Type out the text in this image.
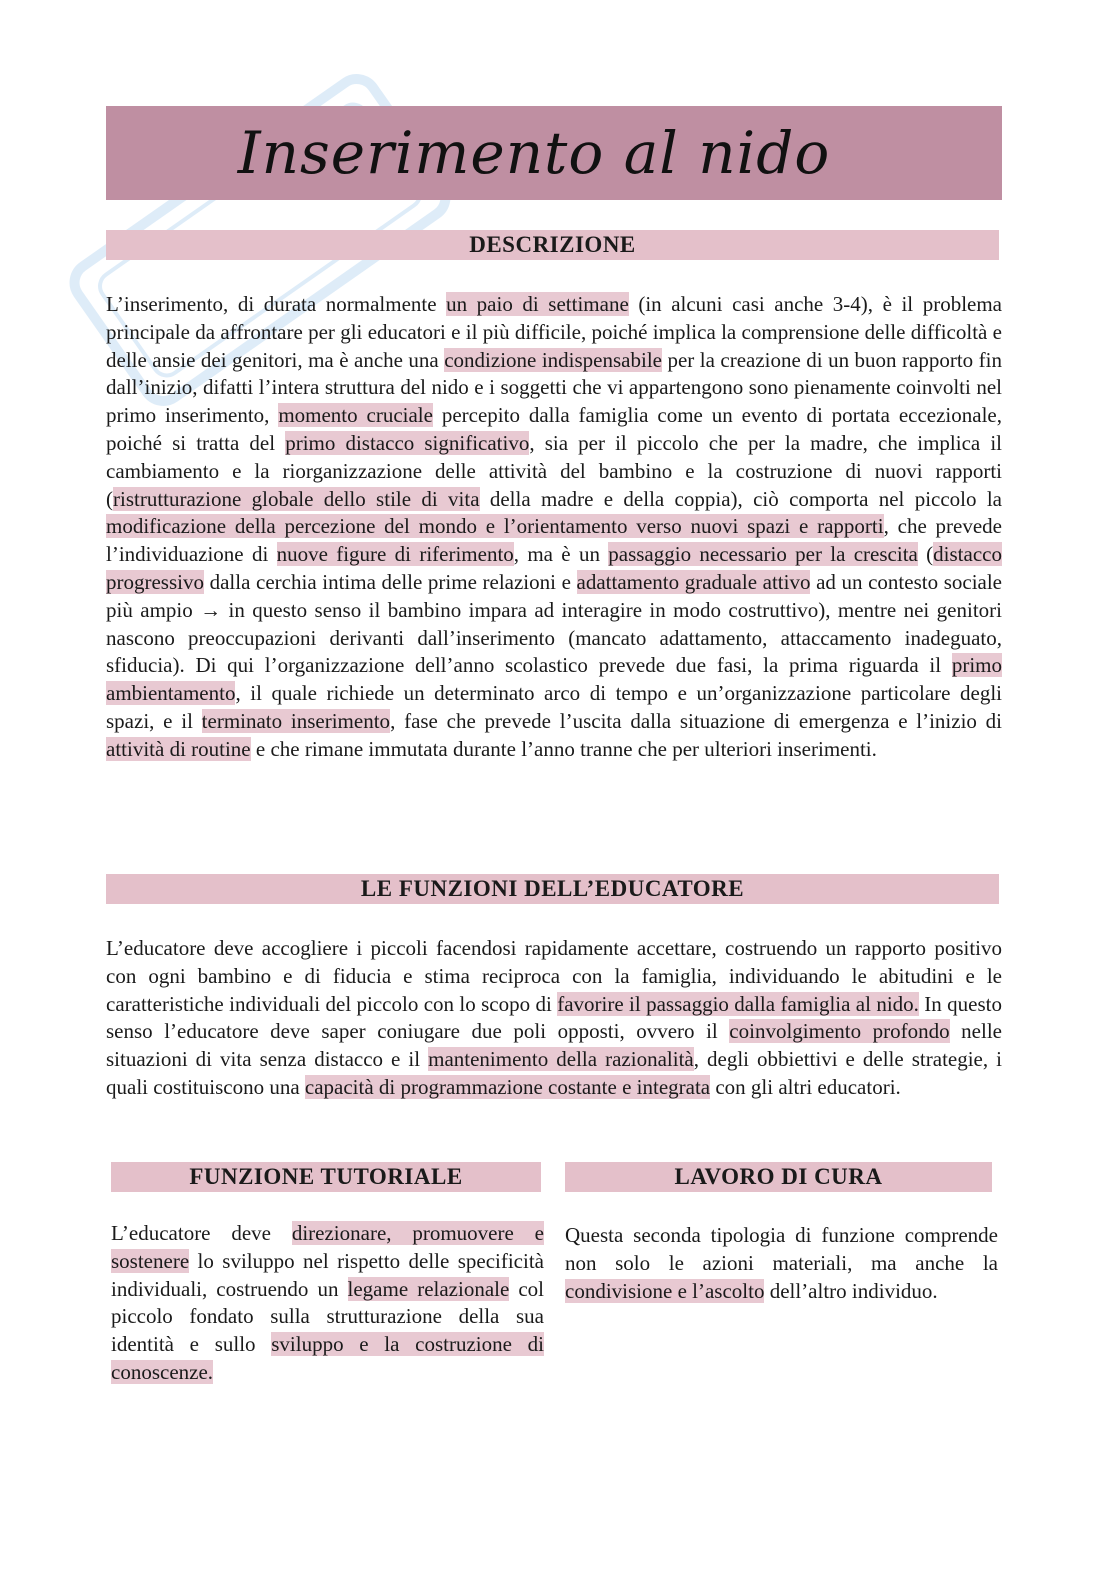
Inserimento al nido
DESCRIZIONE

L’inserimento, di durata normalmente un paio di settimane (in alcuni casi anche 3-4), è il problema principale da affrontare per gli educatori e il più difficile, poiché implica la comprensione delle difficoltà e delle ansie dei genitori, ma è anche una condizione indispensabile per la creazione di un buon rapporto fin dall’inizio, difatti l’intera struttura del nido e i soggetti che vi appartengono sono pienamente coinvolti nel primo inserimento, momento cruciale percepito dalla famiglia come un evento di portata eccezionale, poiché si tratta del primo distacco significativo, sia per il piccolo che per la madre, che implica il cambiamento e la riorganizzazione delle attività del bambino e la costruzione di nuovi rapporti (ristrutturazione globale dello stile di vita della madre e della coppia), ciò comporta nel piccolo la modificazione della percezione del mondo e l’orientamento verso nuovi spazi e rapporti, che prevede l’individuazione di nuove figure di riferimento, ma è un passaggio necessario per la crescita (distacco progressivo dalla cerchia intima delle prime relazioni e adattamento graduale attivo ad un contesto sociale più ampio → in questo senso il bambino impara ad interagire in modo costruttivo), mentre nei genitori nascono preoccupazioni derivanti dall’inserimento (mancato adattamento, attaccamento inadeguato, sfiducia). Di qui l’organizzazione dell’anno scolastico prevede due fasi, la prima riguarda il primo ambientamento, il quale richiede un determinato arco di tempo e un’organizzazione particolare degli spazi, e il terminato inserimento, fase che prevede l’uscita dalla situazione di emergenza e l’inizio di attività di routine e che rimane immutata durante l’anno tranne che per ulteriori inserimenti.

LE FUNZIONI DELL’EDUCATORE

L’educatore deve accogliere i piccoli facendosi rapidamente accettare, costruendo un rapporto positivo con ogni bambino e di fiducia e stima reciproca con la famiglia, individuando le abitudini e le caratteristiche individuali del piccolo con lo scopo di favorire il passaggio dalla famiglia al nido. In questo senso l’educatore deve saper coniugare due poli opposti, ovvero il coinvolgimento profondo nelle situazioni di vita senza distacco e il mantenimento della razionalità, degli obbiettivi e delle strategie, i quali costituiscono una capacità di programmazione costante e integrata con gli altri educatori.

FUNZIONE TUTORIALE

L’educatore deve direzionare, promuovere e sostenere lo sviluppo nel rispetto delle specificità individuali, costruendo un legame relazionale col piccolo fondato sulla strutturazione della sua identità e sullo sviluppo e la costruzione di conoscenze.

LAVORO DI CURA

Questa seconda tipologia di funzione comprende non solo le azioni materiali, ma anche la condivisione e l’ascolto dell’altro individuo.
